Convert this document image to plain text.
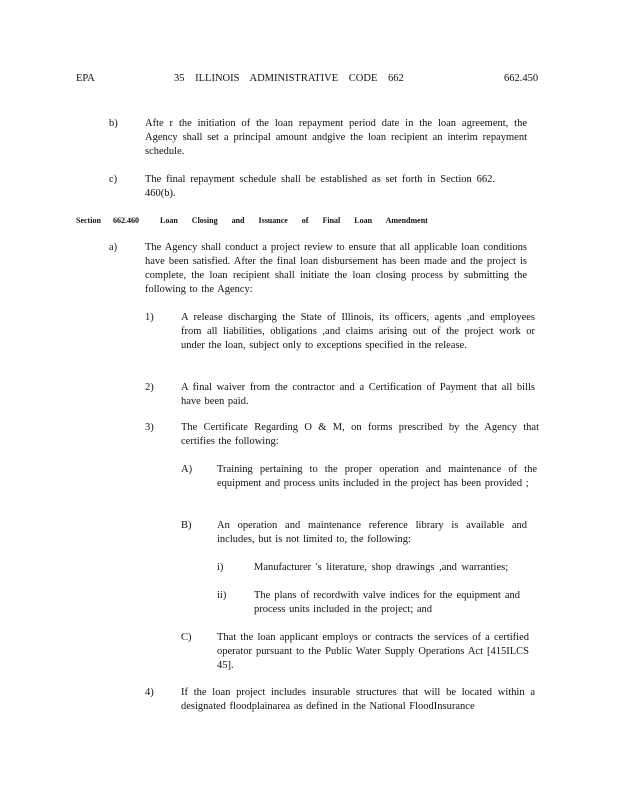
EPA	35 ILLINOIS ADMINISTRATIVE CODE 662	662.450
b)	Afte r the initiation of the loan repayment period date in the loan agreement, the Agency shall set a principal amount andgive the loan recipient an interim repayment schedule.
c)	The final repayment schedule shall be established as set forth in Section 662. 460(b).
Section 662.460	Loan Closing and Issuance of Final Loan Amendment
a)	The Agency shall conduct a project review to ensure that all applicable loan conditions have been satisfied. After the final loan disbursement has been made and the project is complete, the loan recipient shall initiate the loan closing process by submitting the following to the Agency:
1)	A release discharging the State of Illinois, its officers, agents ,and employees from all liabilities, obligations ,and claims arising out of the project work or under the loan, subject only to exceptions specified in the release.
2)	A final waiver from the contractor and a Certification of Payment that all bills have been paid.
3)	The Certificate Regarding O & M, on forms prescribed by the Agency that certifies the following:
A) Training pertaining to the proper operation and maintenance of the equipment and process units included in the project has been provided ;
B) An operation and maintenance reference library is available and includes, but is not limited to, the following:
i)	Manufacturer 's literature, shop drawings ,and warranties;
ii)	The plans of recordwith valve indices for the equipment and process units included in the project; and
C) That the loan applicant employs or contracts the services of a certified operator pursuant to the Public Water Supply Operations Act [415ILCS 45].
4)	If the loan project includes insurable structures that will be located within a designated floodplainarea as defined in the National FloodInsurance
